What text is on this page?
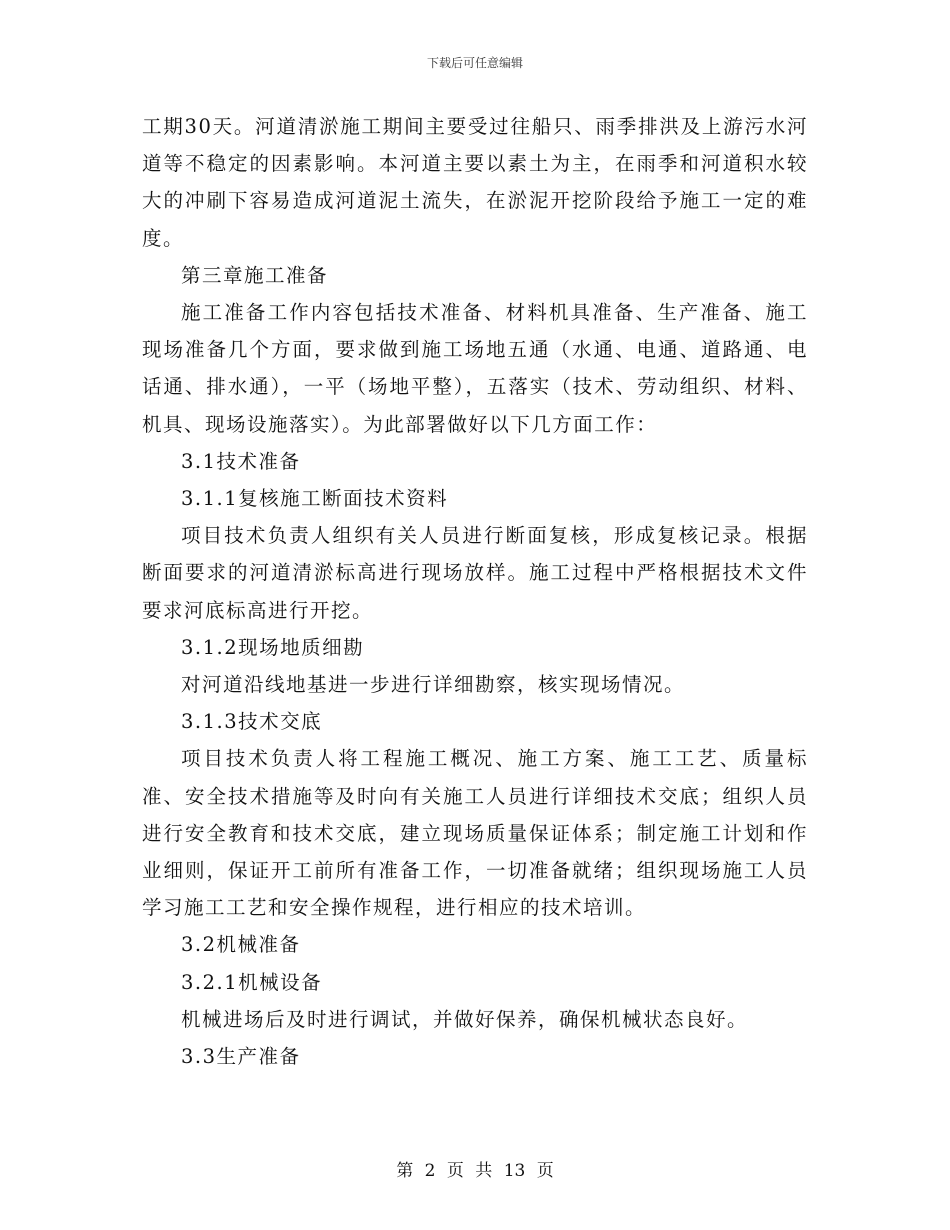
下载后可任意编辑

工期30天。河道清淤施工期间主要受过往船只、雨季排洪及上游污水河道等不稳定的因素影响。本河道主要以素土为主，在雨季和河道积水较大的冲刷下容易造成河道泥土流失，在淤泥开挖阶段给予施工一定的难度。

第三章施工准备

施工准备工作内容包括技术准备、材料机具准备、生产准备、施工现场准备几个方面，要求做到施工场地五通（水通、电通、道路通、电话通、排水通），一平（场地平整），五落实（技术、劳动组织、材料、机具、现场设施落实）。为此部署做好以下几方面工作：

3.1技术准备

3.1.1复核施工断面技术资料

项目技术负责人组织有关人员进行断面复核，形成复核记录。根据断面要求的河道清淤标高进行现场放样。施工过程中严格根据技术文件要求河底标高进行开挖。

3.1.2现场地质细勘

对河道沿线地基进一步进行详细勘察，核实现场情况。

3.1.3技术交底

项目技术负责人将工程施工概况、施工方案、施工工艺、质量标准、安全技术措施等及时向有关施工人员进行详细技术交底；组织人员进行安全教育和技术交底，建立现场质量保证体系；制定施工计划和作业细则，保证开工前所有准备工作，一切准备就绪；组织现场施工人员学习施工工艺和安全操作规程，进行相应的技术培训。

3.2机械准备

3.2.1机械设备

机械进场后及时进行调试，并做好保养，确保机械状态良好。

3.3生产准备

第 2 页 共 13 页
